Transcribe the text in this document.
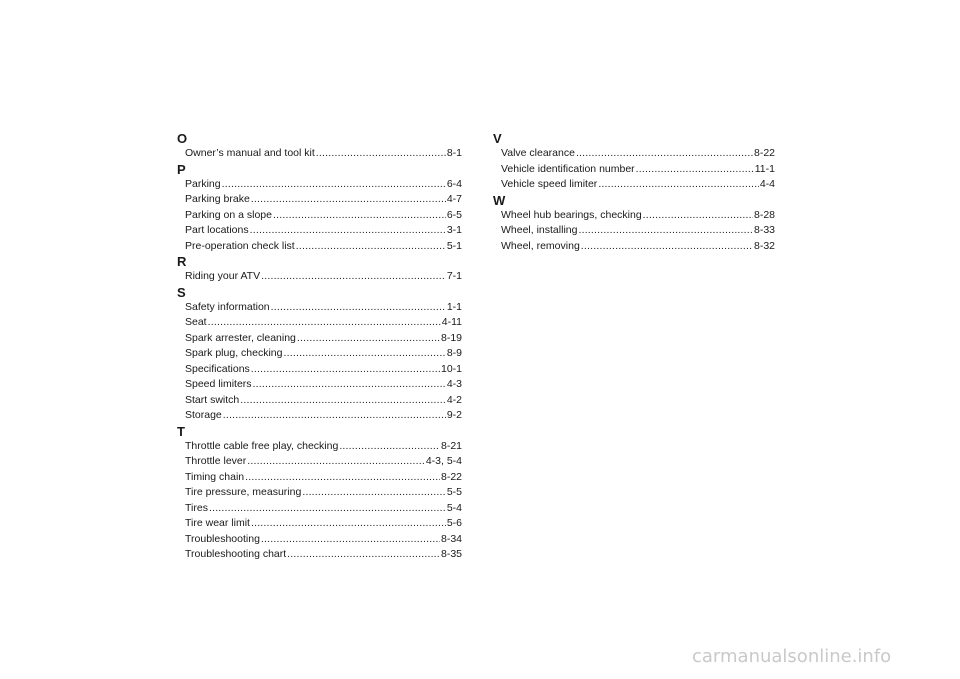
O
Owner’s manual and tool kit .....	8-1
P
Parking .....	6-4
Parking brake .....	4-7
Parking on a slope .....	6-5
Part locations .....	3-1
Pre-operation check list .....	5-1
R
Riding your ATV .....	7-1
S
Safety information .....	1-1
Seat .....	4-11
Spark arrester, cleaning .....	8-19
Spark plug, checking .....	8-9
Specifications .....	10-1
Speed limiters .....	4-3
Start switch .....	4-2
Storage .....	9-2
T
Throttle cable free play, checking .....	8-21
Throttle lever .....	4-3, 5-4
Timing chain .....	8-22
Tire pressure, measuring .....	5-5
Tires .....	5-4
Tire wear limit .....	5-6
Troubleshooting .....	8-34
Troubleshooting chart .....	8-35
V
Valve clearance .....	8-22
Vehicle identification number .....	11-1
Vehicle speed limiter .....	4-4
W
Wheel hub bearings, checking .....	8-28
Wheel, installing .....	8-33
Wheel, removing .....	8-32
carmanualsonline.info
